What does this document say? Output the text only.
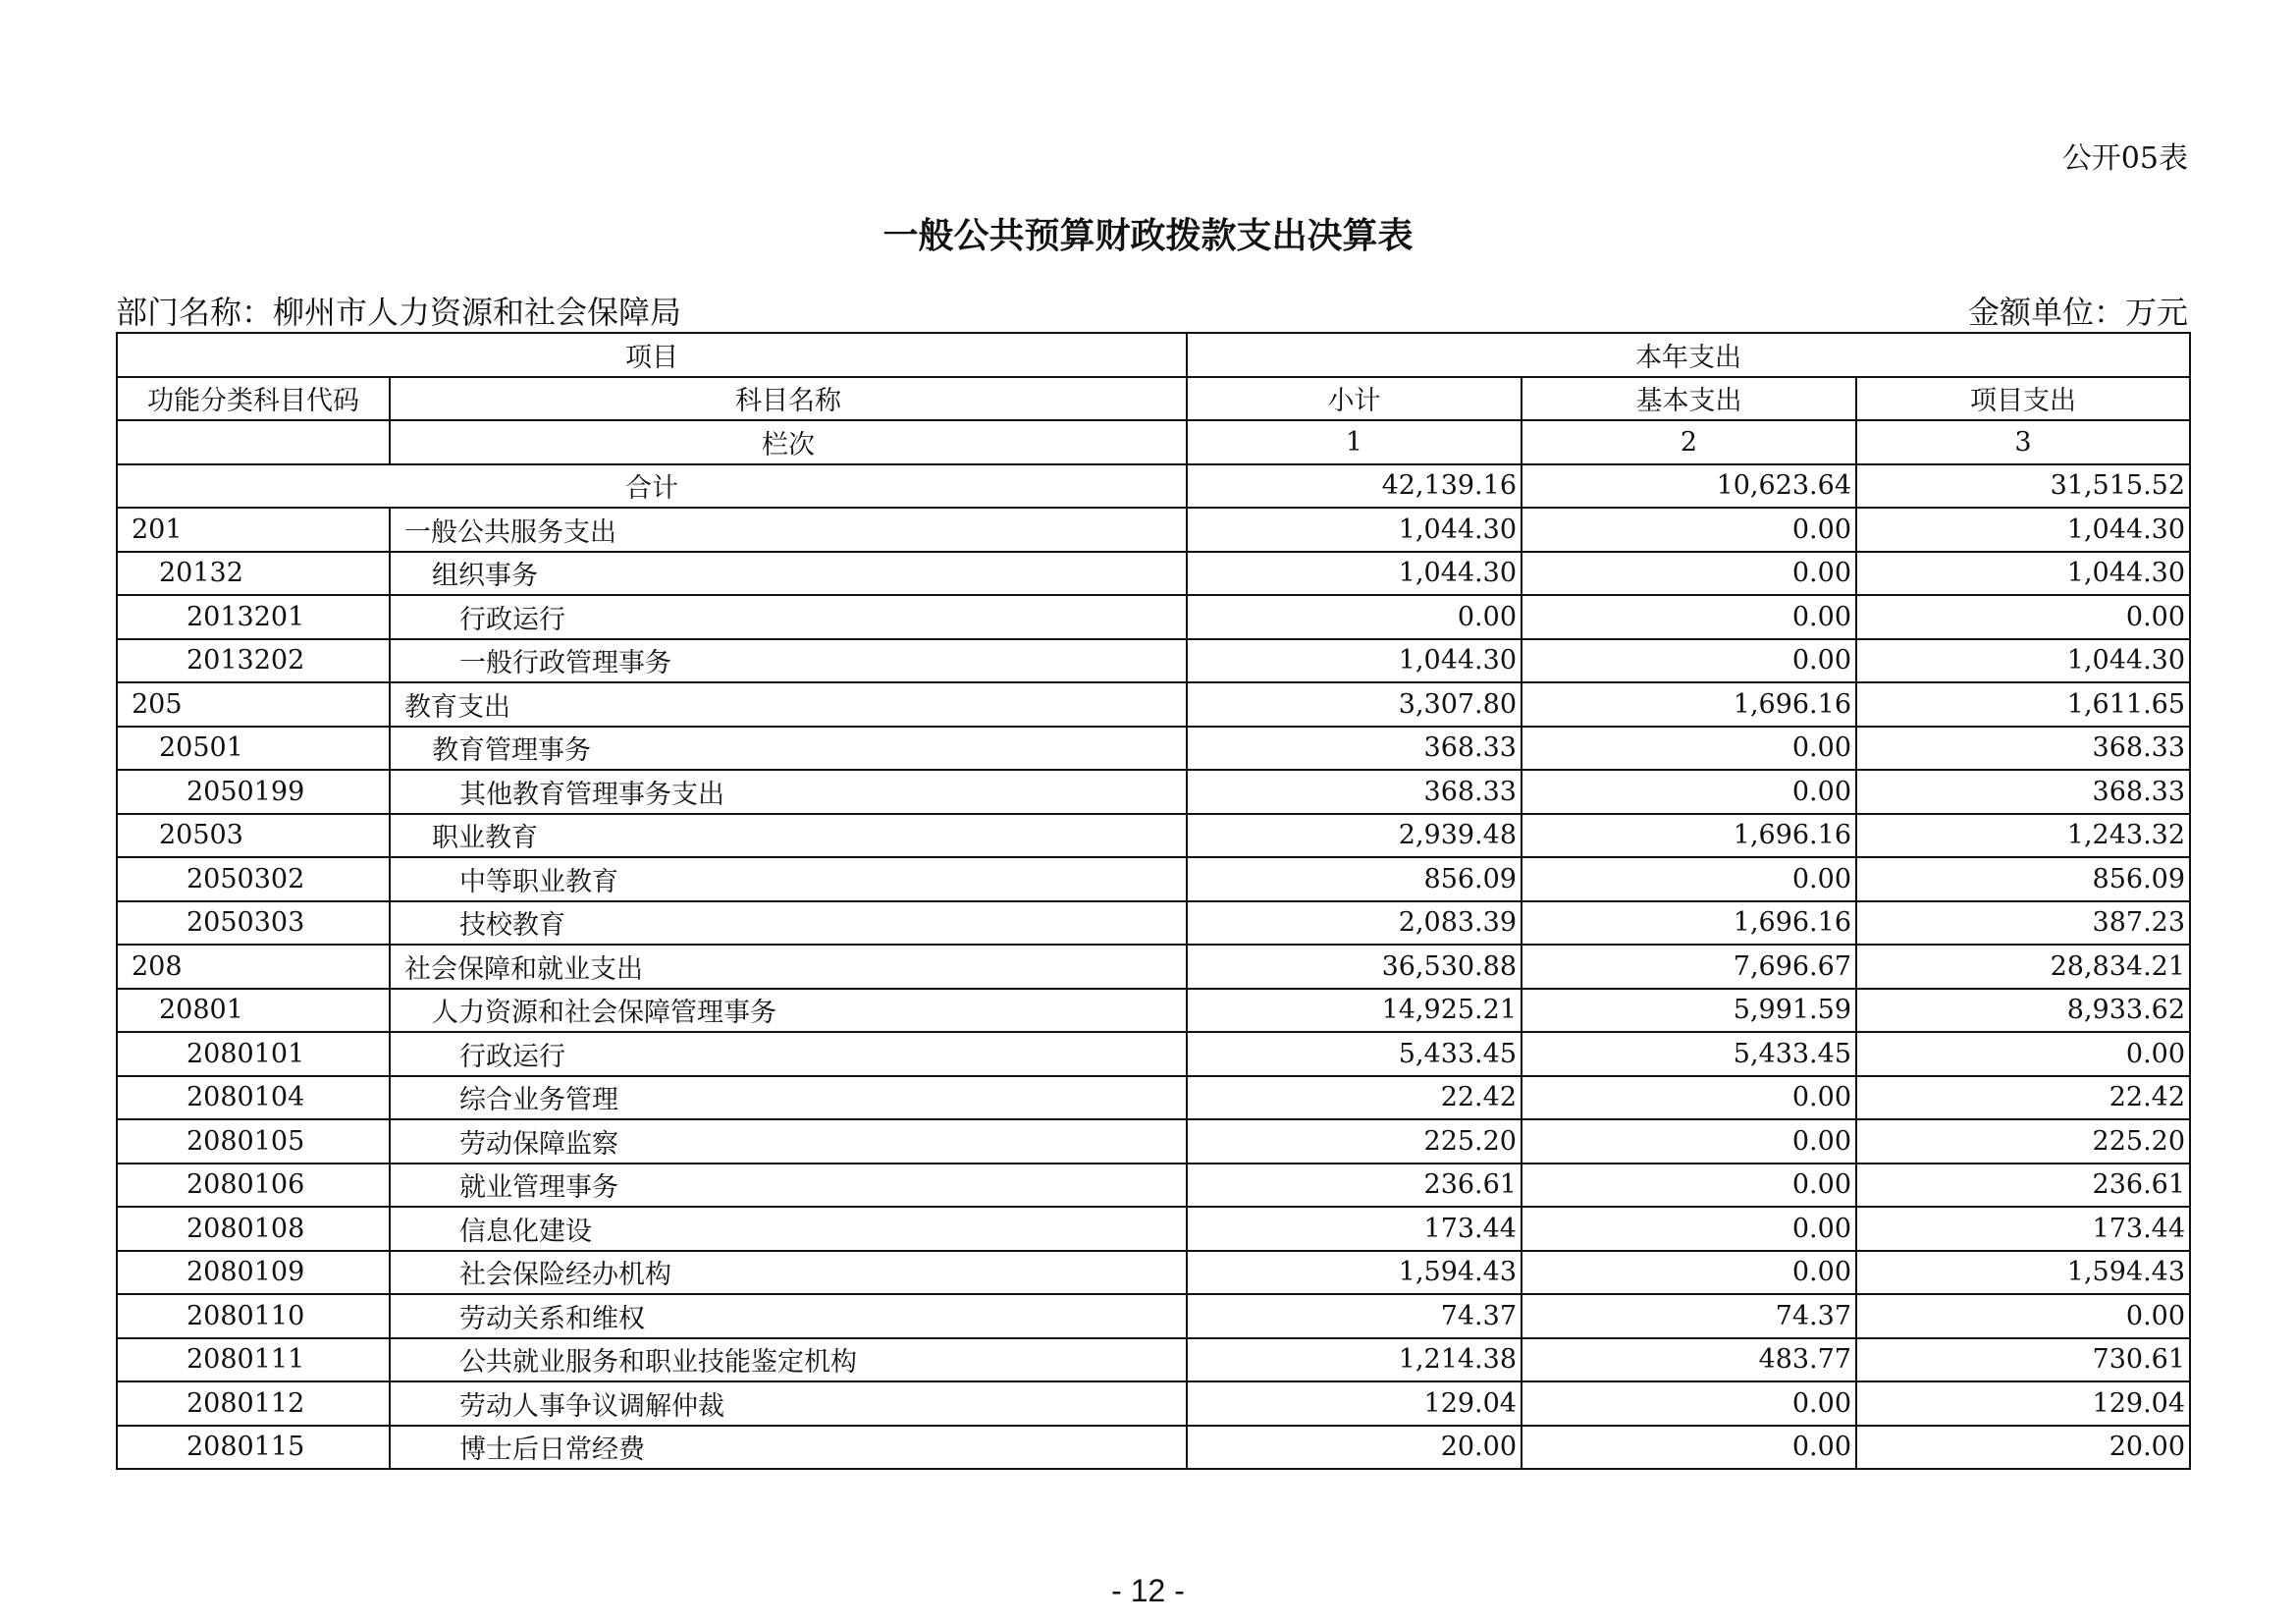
公开05表
一般公共预算财政拨款支出决算表
部门名称：柳州市人力资源和社会保障局	金额单位：万元
项目		本年支出		
功能分类科目代码	科目名称	小计	基本支出	项目支出
	栏次	1	2	3
合计		42,139.16	10,623.64	31,515.52
201	一般公共服务支出	1,044.30	0.00	1,044.30
20132	组织事务	1,044.30	0.00	1,044.30
2013201	行政运行	0.00	0.00	0.00
2013202	一般行政管理事务	1,044.30	0.00	1,044.30
205	教育支出	3,307.80	1,696.16	1,611.65
20501	教育管理事务	368.33	0.00	368.33
2050199	其他教育管理事务支出	368.33	0.00	368.33
20503	职业教育	2,939.48	1,696.16	1,243.32
2050302	中等职业教育	856.09	0.00	856.09
2050303	技校教育	2,083.39	1,696.16	387.23
208	社会保障和就业支出	36,530.88	7,696.67	28,834.21
20801	人力资源和社会保障管理事务	14,925.21	5,991.59	8,933.62
2080101	行政运行	5,433.45	5,433.45	0.00
2080104	综合业务管理	22.42	0.00	22.42
2080105	劳动保障监察	225.20	0.00	225.20
2080106	就业管理事务	236.61	0.00	236.61
2080108	信息化建设	173.44	0.00	173.44
2080109	社会保险经办机构	1,594.43	0.00	1,594.43
2080110	劳动关系和维权	74.37	74.37	0.00
2080111	公共就业服务和职业技能鉴定机构	1,214.38	483.77	730.61
2080112	劳动人事争议调解仲裁	129.04	0.00	129.04
2080115	博士后日常经费	20.00	0.00	20.00
- 12 -
